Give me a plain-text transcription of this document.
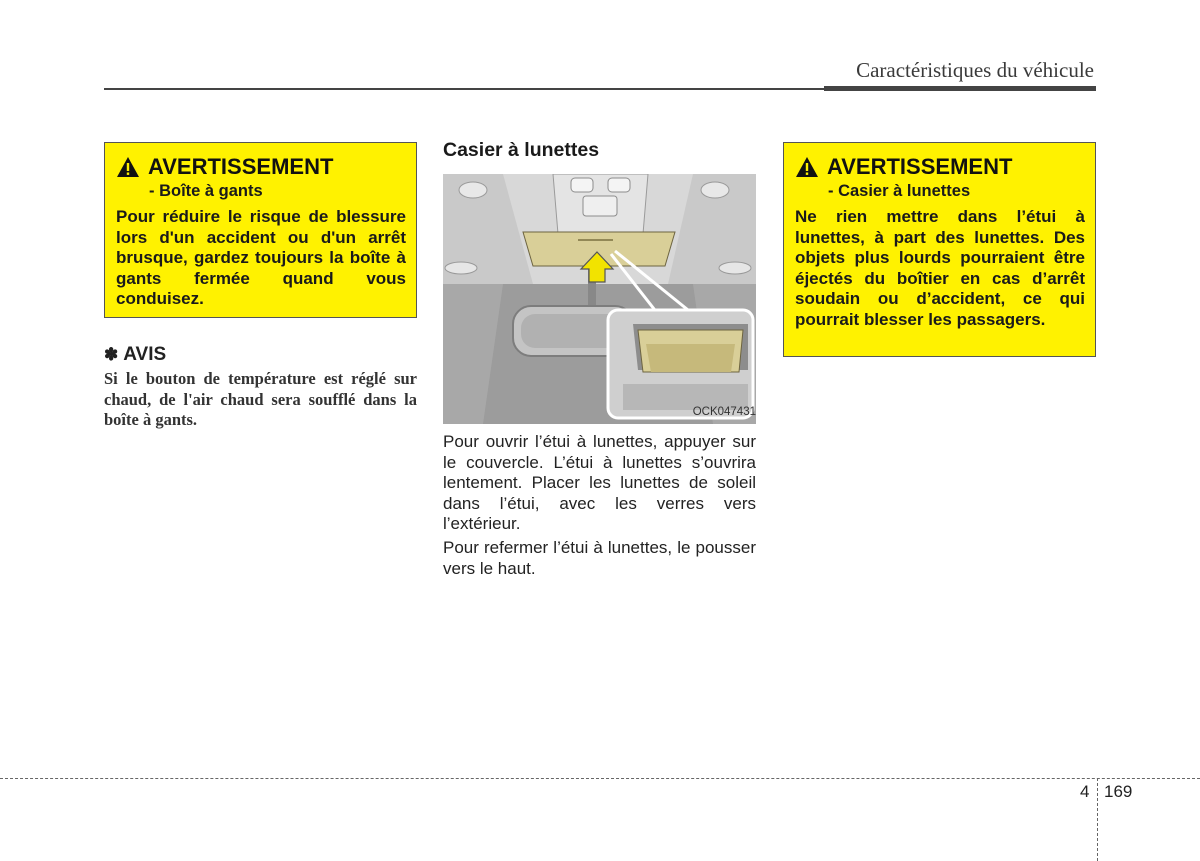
Caractéristiques du véhicule
AVERTISSEMENT
- Boîte à gants
Pour réduire le risque de blessure lors d'un accident ou d'un arrêt brusque, gardez toujours la boîte à gants fermée quand vous conduisez.
✽ AVIS
Si le bouton de température est réglé sur chaud, de l'air chaud sera soufflé dans la boîte à gants.
Casier à lunettes
OCK047431
Pour ouvrir l’étui à lunettes, appuyer sur le couvercle. L’étui à lunettes s’ouvrira lentement. Placer les lunettes de soleil dans l’étui, avec les verres vers l’extérieur.
Pour refermer l’étui à lunettes, le pousser vers le haut.
AVERTISSEMENT
- Casier à lunettes
Ne rien mettre dans l’étui à lunettes, à part des lunettes. Des objets plus lourds pourraient être éjectés du boîtier en cas d’arrêt soudain ou d’accident, ce qui pourrait blesser les passagers.
4 169
